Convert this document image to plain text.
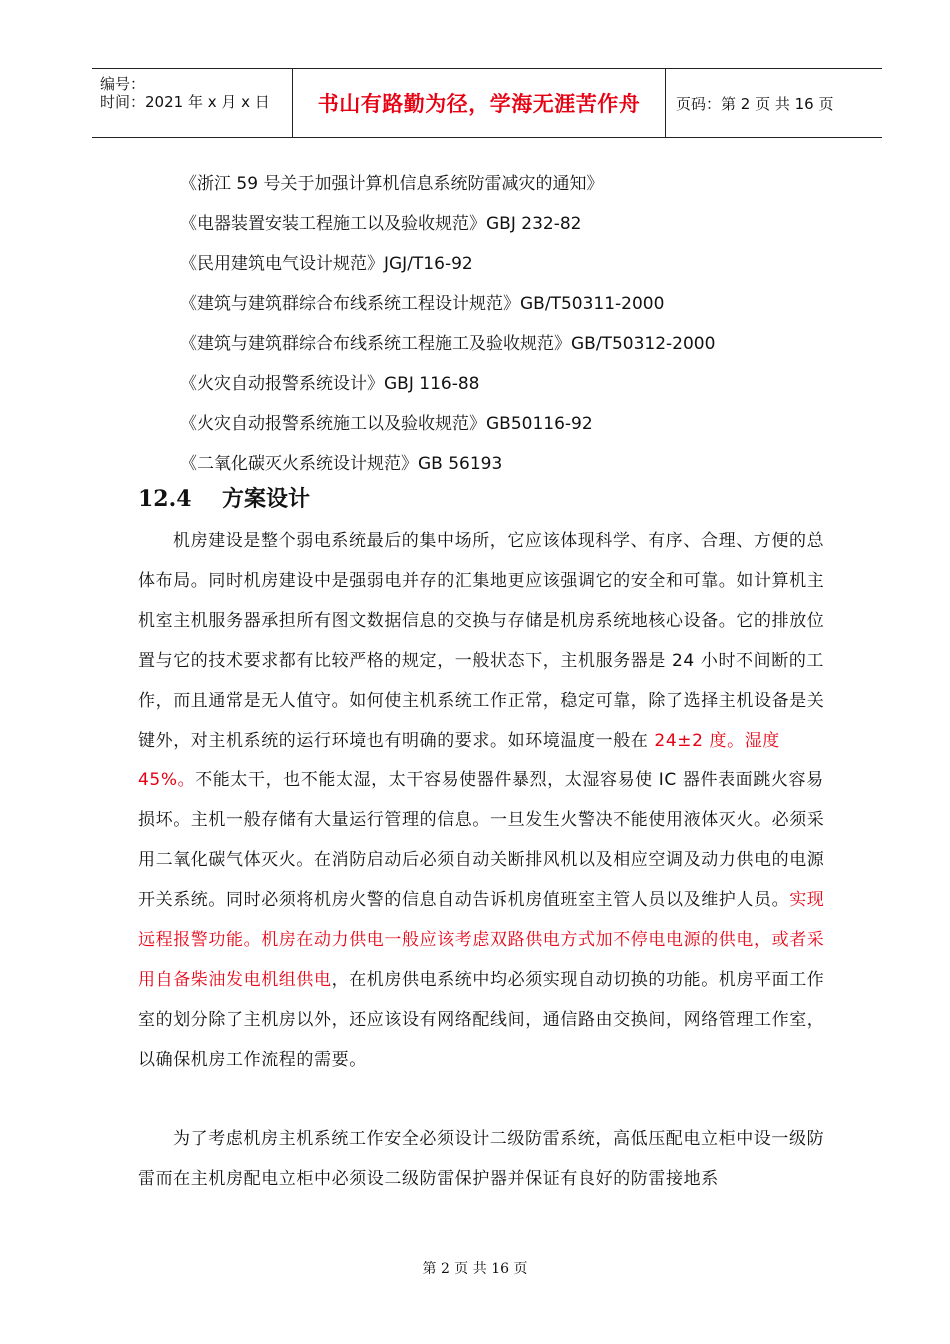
编号：
时间：2021 年 x 月 x 日 书山有路勤为径，学海无涯苦作舟 页码：第 2 页 共 16 页
《浙江 59 号关于加强计算机信息系统防雷减灾的通知》
《电器装置安装工程施工以及验收规范》GBJ 232-82
《民用建筑电气设计规范》JGJ/T16-92
《建筑与建筑群综合布线系统工程设计规范》GB/T50311-2000
《建筑与建筑群综合布线系统工程施工及验收规范》GB/T50312-2000
《火灾自动报警系统设计》GBJ 116-88
《火灾自动报警系统施工以及验收规范》GB50116-92
《二氧化碳灭火系统设计规范》GB 56193
12.4 方案设计
机房建设是整个弱电系统最后的集中场所，它应该体现科学、有序、合理、方便的总体布局。同时机房建设中是强弱电并存的汇集地更应该强调它的安全和可靠。如计算机主机室主机服务器承担所有图文数据信息的交换与存储是机房系统地核心设备。它的排放位置与它的技术要求都有比较严格的规定，一般状态下，主机服务器是 24 小时不间断的工作，而且通常是无人值守。如何使主机系统工作正常，稳定可靠，除了选择主机设备是关键外，对主机系统的运行环境也有明确的要求。如环境温度一般在 24±2 度。湿度 45%。不能太干，也不能太湿，太干容易使器件暴烈，太湿容易使 IC 器件表面跳火容易损坏。主机一般存储有大量运行管理的信息。一旦发生火警决不能使用液体灭火。必须采用二氧化碳气体灭火。在消防启动后必须自动关断排风机以及相应空调及动力供电的电源开关系统。同时必须将机房火警的信息自动告诉机房值班室主管人员以及维护人员。实现远程报警功能。机房在动力供电一般应该考虑双路供电方式加不停电电源的供电，或者采用自备柴油发电机组供电，在机房供电系统中均必须实现自动切换的功能。机房平面工作室的划分除了主机房以外，还应该设有网络配线间，通信路由交换间，网络管理工作室，以确保机房工作流程的需要。
为了考虑机房主机系统工作安全必须设计二级防雷系统，高低压配电立柜中设一级防雷而在主机房配电立柜中必须设二级防雷保护器并保证有良好的防雷接地系
第 2 页 共 16 页
